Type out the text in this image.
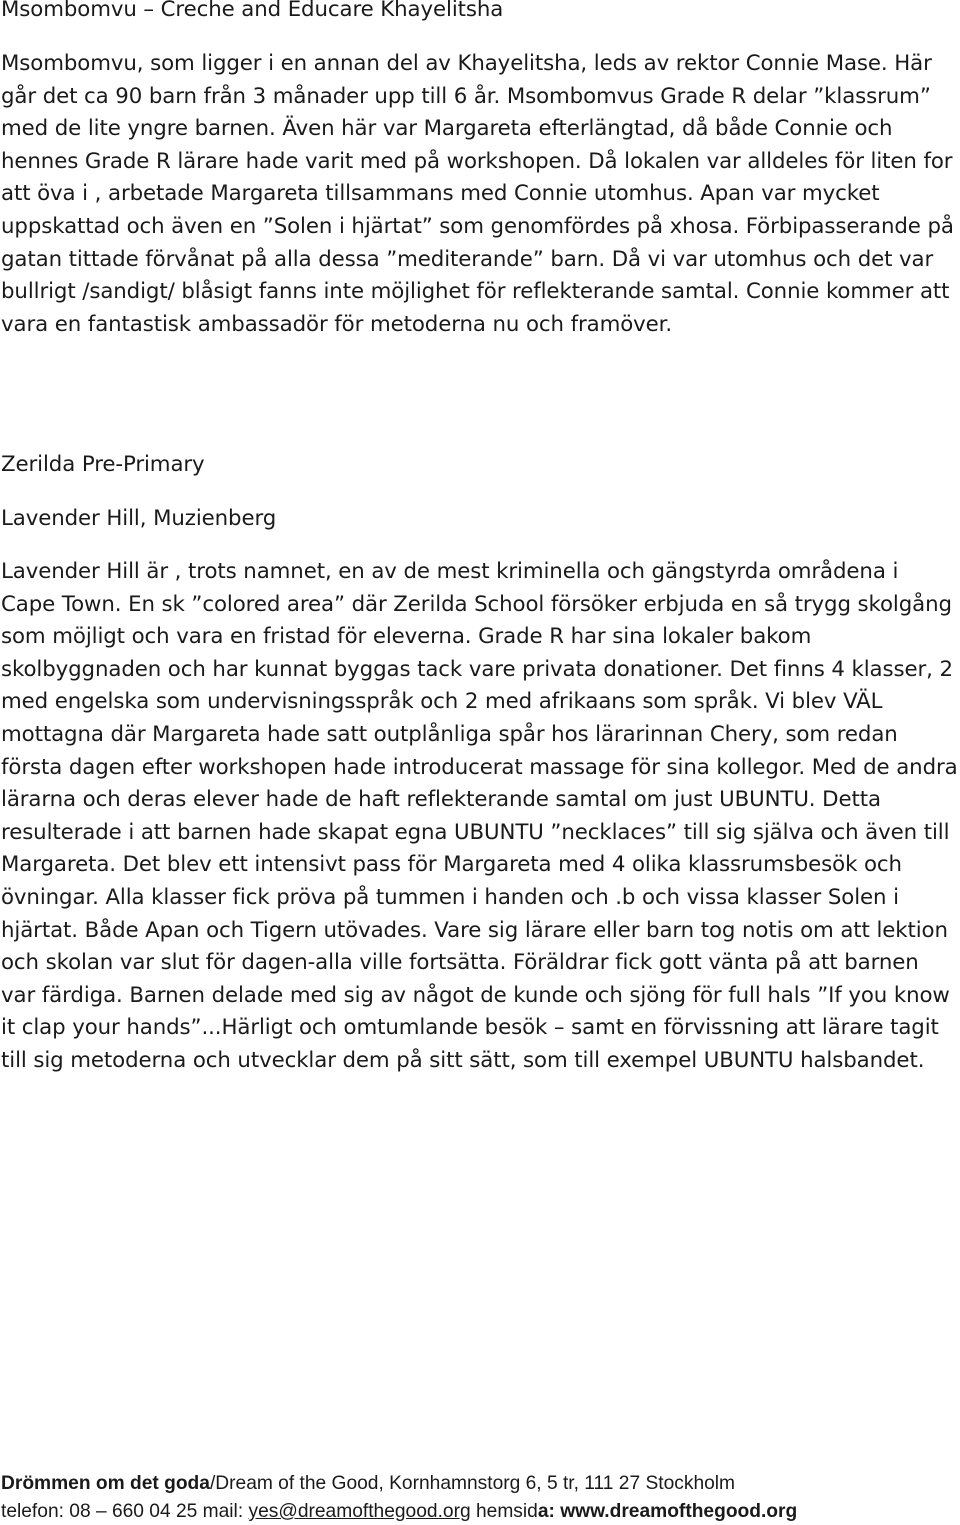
Msombomvu – Creche and Educare Khayelitsha

Msombomvu, som ligger i en annan del av Khayelitsha, leds av rektor Connie Mase. Här går det ca 90 barn från 3 månader upp till 6 år. Msombomvus Grade R delar ”klassrum” med de lite yngre barnen. Även här var Margareta efterlängtad, då både Connie och hennes Grade R lärare hade varit med på workshopen. Då lokalen var alldeles för liten for att öva i , arbetade Margareta tillsammans med Connie utomhus. Apan var mycket uppskattad och även en ”Solen i hjärtat” som genomfördes på xhosa. Förbipasserande på gatan tittade förvånat på alla dessa ”mediterande” barn. Då vi var utomhus och det var bullrigt /sandigt/ blåsigt fanns inte möjlighet för reflekterande samtal. Connie kommer att vara en fantastisk ambassadör för metoderna nu och framöver.

Zerilda Pre-Primary

Lavender Hill, Muzienberg

Lavender Hill är , trots namnet, en av de mest kriminella och gängstyrda områdena i Cape Town. En sk ”colored area” där Zerilda School försöker erbjuda en så trygg skolgång som möjligt och vara en fristad för eleverna. Grade R har sina lokaler bakom skolbyggnaden och har kunnat byggas tack vare privata donationer. Det finns 4 klasser, 2 med engelska som undervisningsspråk och 2 med afrikaans som språk. Vi blev VÄL mottagna där Margareta hade satt outplånliga spår hos lärarinnan Chery, som redan första dagen efter workshopen hade introducerat massage för sina kollegor. Med de andra lärarna och deras elever hade de haft reflekterande samtal om just UBUNTU. Detta resulterade i att barnen hade skapat egna UBUNTU ”necklaces” till sig själva och även till Margareta. Det blev ett intensivt pass för Margareta med 4 olika klassrumsbesök och övningar. Alla klasser fick pröva på tummen i handen och .b och vissa klasser Solen i hjärtat. Både Apan och Tigern utövades. Vare sig lärare eller barn tog notis om att lektion och skolan var slut för dagen-alla ville fortsätta. Föräldrar fick gott vänta på att barnen var färdiga. Barnen delade med sig av något de kunde och sjöng för full hals ”If you know it clap your hands”...Härligt och omtumlande besök – samt en förvissning att lärare tagit till sig metoderna och utvecklar dem på sitt sätt, som till exempel UBUNTU halsbandet.

Drömmen om det goda/Dream of the Good, Kornhamnstorg 6, 5 tr, 111 27 Stockholm
telefon: 08 – 660 04 25 mail: yes@dreamofthegood.org hemsida: www.dreamofthegood.org
